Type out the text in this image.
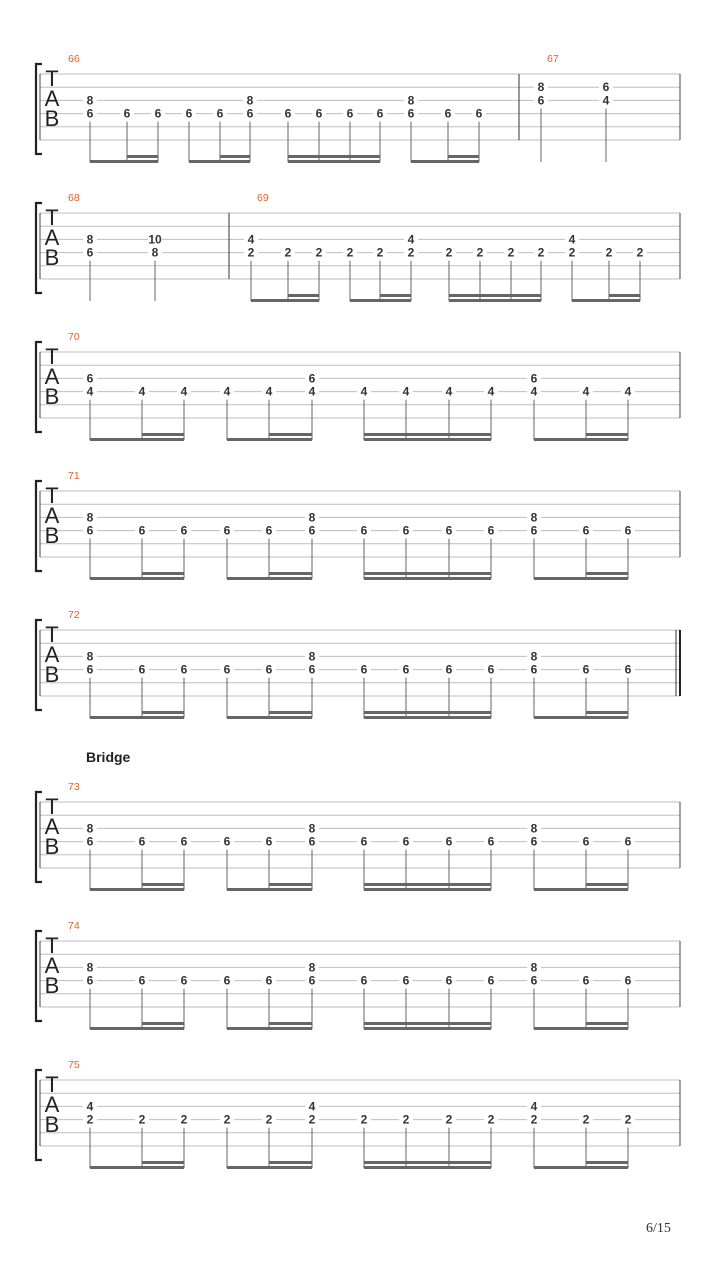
T
A
B
66
6
8
6 6 6 6 6
8
6 6 6 6 6
8
6 6
67
6
8
4
6
T
A
B
68
6
8
8
10
69
2
4
2 2 2 2 2
4
2 2 2 2 2
4
2 2
T
A
B
70
4
6
4	4	4	4	4
6
4	4	4	4	4
6
4	4
T
A
B
71
6
8
6	6	6	6	6
8
6	6	6	6	6
8
6	6
T
A
B
72
6
8
6	6	6	6	6
8
6	6	6	6	6
8
6	6
T
A
B
73
6
8
6	6	6	6	6
8
6	6	6	6	6
8
6	6
T
A
B
74
6
8
6	6	6	6	6
8
6	6	6	6	6
8
6	6
T
A
B
75
2
4
2	2	2	2	2
4
2	2	2	2	2
4
2	2
Bridge
6/15
